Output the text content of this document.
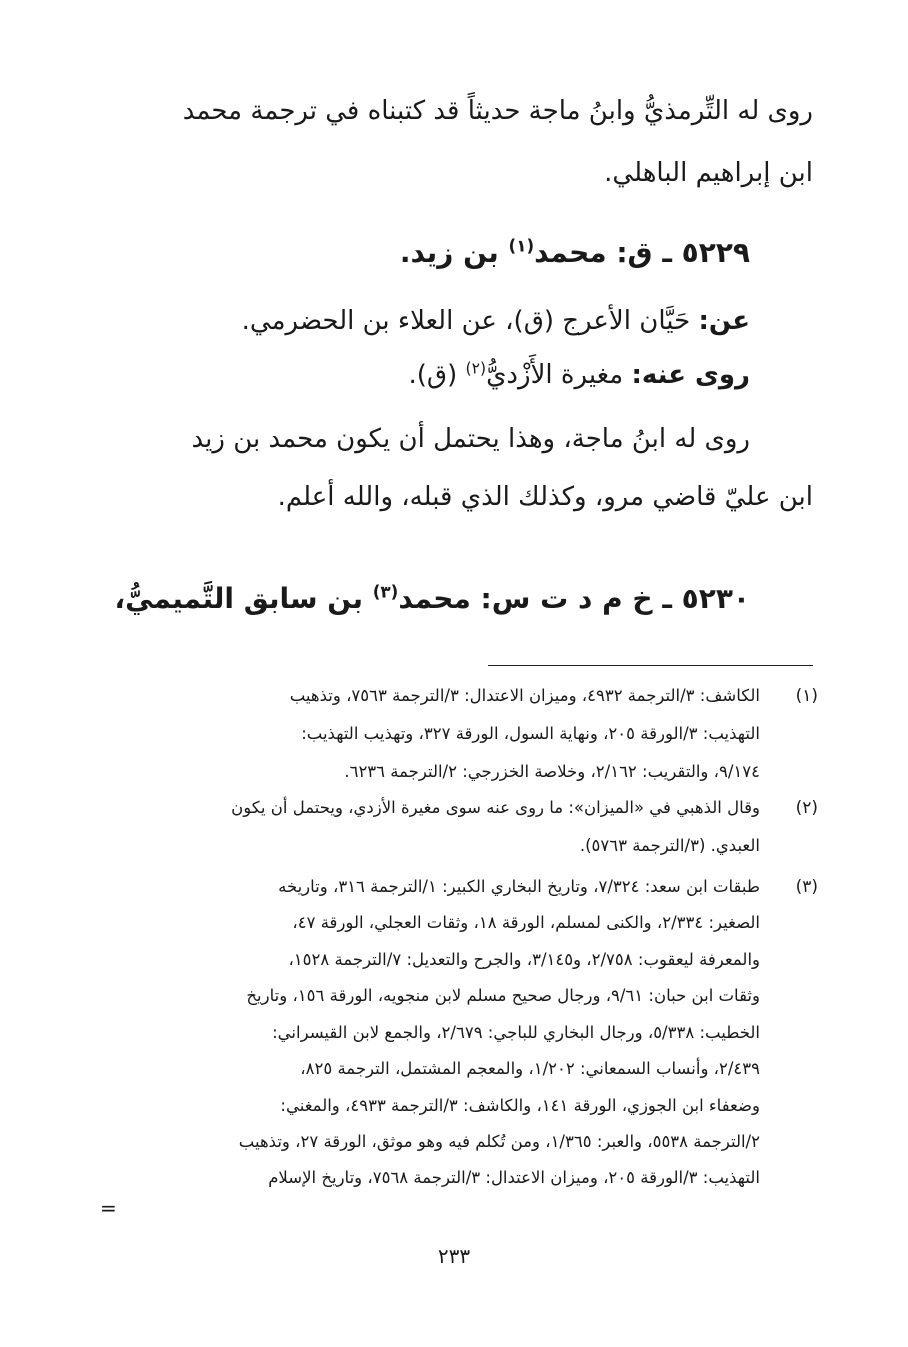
روى له التِّرمذيُّ وابنُ ماجة حديثاً قد كتبناه في ترجمة محمد
ابن إبراهيم الباهلي.
٥٢٢٩ ـ ق: محمد$^{(١)}$ بن زيد.
عن: حَيَّان الأعرج (ق)، عن العلاء بن الحضرمي.
روى عنه: مغيرة الأَزْديُّ$^{(٢)}$ (ق).
روى له ابنُ ماجة، وهذا يحتمل أن يكون محمد بن زيد
ابن عليّ قاضي مرو، وكذلك الذي قبله، والله أعلم.
٥٢٣٠ ـ خ م د ت س: محمد$^{(٣)}$ بن سابق التَّميميُّ،
(١)
الكاشف: ٣/الترجمة ٤٩٣٢، وميزان الاعتدال: ٣/الترجمة ٧٥٦٣، وتذهيب
التهذيب: ٣/الورقة ٢٠٥، ونهاية السول، الورقة ٣٢٧، وتهذيب التهذيب:
٩/١٧٤، والتقريب: ٢/١٦٢، وخلاصة الخزرجي: ٢/الترجمة ٦٢٣٦.
(٢)
وقال الذهبي في «الميزان»: ما روى عنه سوى مغيرة الأزدي، ويحتمل أن يكون
العبدي. (٣/الترجمة ٥٧٦٣).
(٣)
طبقات ابن سعد: ٧/٣٢٤، وتاريخ البخاري الكبير: ١/الترجمة ٣١٦، وتاريخه
الصغير: ٢/٣٣٤، والكنى لمسلم، الورقة ١٨، وثقات العجلي، الورقة ٤٧،
والمعرفة ليعقوب: ٢/٧٥٨، و٣/١٤٥، والجرح والتعديل: ٧/الترجمة ١٥٢٨،
وثقات ابن حبان: ٩/٦١، ورجال صحيح مسلم لابن منجويه، الورقة ١٥٦، وتاريخ
الخطيب: ٥/٣٣٨، ورجال البخاري للباجي: ٢/٦٧٩، والجمع لابن القيسراني:
٢/٤٣٩، وأنساب السمعاني: ١/٢٠٢، والمعجم المشتمل، الترجمة ٨٢٥،
وضعفاء ابن الجوزي، الورقة ١٤١، والكاشف: ٣/الترجمة ٤٩٣٣، والمغني:
٢/الترجمة ٥٥٣٨، والعبر: ١/٣٦٥، ومن تُكلم فيه وهو موثق، الورقة ٢٧، وتذهيب
التهذيب: ٣/الورقة ٢٠٥، وميزان الاعتدال: ٣/الترجمة ٧٥٦٨، وتاريخ الإسلام
=
٢٣٣
